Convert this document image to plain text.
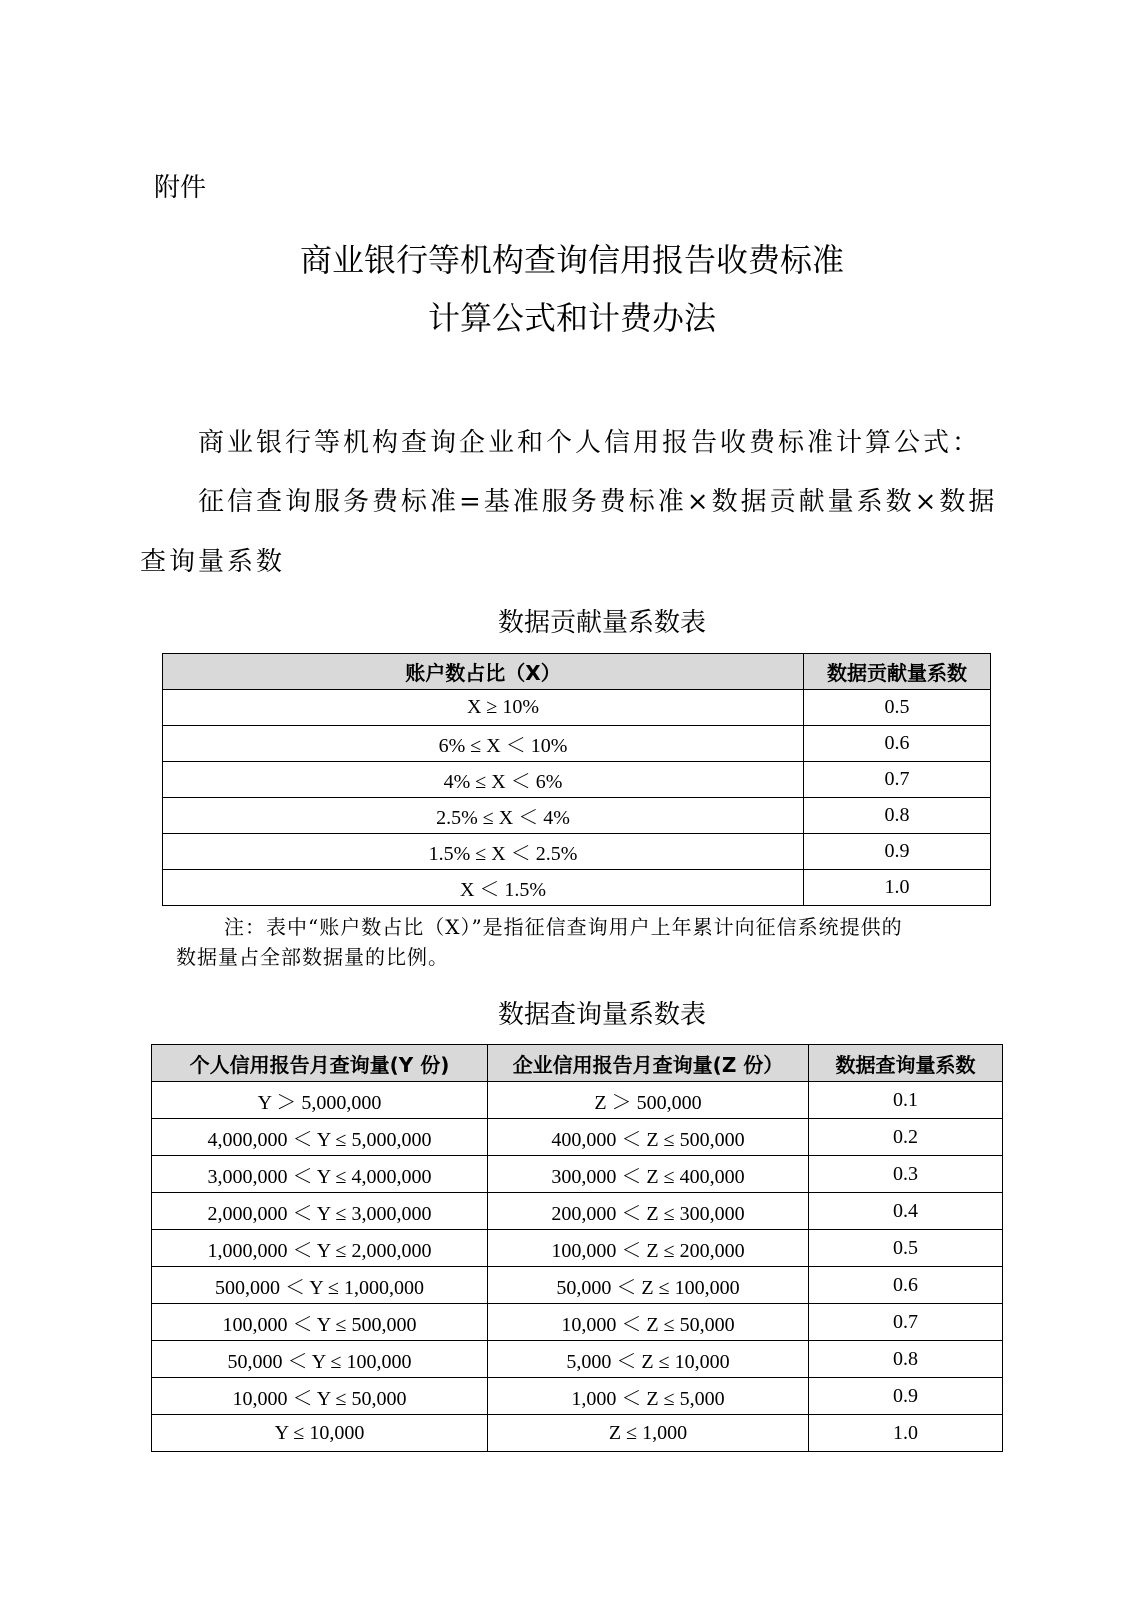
附件
商业银行等机构查询信用报告收费标准
计算公式和计费办法
商业银行等机构查询企业和个人信用报告收费标准计算公式：
征信查询服务费标准=基准服务费标准×数据贡献量系数×数据
查询量系数
数据贡献量系数表
账户数占比（X）	数据贡献量系数
X ≥ 10%	0.5
6% ≤ X ＜ 10%	0.6
4% ≤ X ＜ 6%	0.7
2.5% ≤ X ＜ 4%	0.8
1.5% ≤ X ＜ 2.5%	0.9
X ＜ 1.5%	1.0
注：表中“账户数占比（X）”是指征信查询用户上年累计向征信系统提供的
数据量占全部数据量的比例。
数据查询量系数表
个人信用报告月查询量(Y 份)	企业信用报告月查询量(Z 份）	数据查询量系数
Y ＞ 5,000,000	Z ＞ 500,000	0.1
4,000,000 ＜ Y ≤ 5,000,000	400,000 ＜ Z ≤ 500,000	0.2
3,000,000 ＜ Y ≤ 4,000,000	300,000 ＜ Z ≤ 400,000	0.3
2,000,000 ＜ Y ≤ 3,000,000	200,000 ＜ Z ≤ 300,000	0.4
1,000,000 ＜ Y ≤ 2,000,000	100,000 ＜ Z ≤ 200,000	0.5
500,000 ＜ Y ≤ 1,000,000	50,000 ＜ Z ≤ 100,000	0.6
100,000 ＜ Y ≤ 500,000	10,000 ＜ Z ≤ 50,000	0.7
50,000 ＜ Y ≤ 100,000	5,000 ＜ Z ≤ 10,000	0.8
10,000 ＜ Y ≤ 50,000	1,000 ＜ Z ≤ 5,000	0.9
Y ≤ 10,000	Z ≤ 1,000	1.0
